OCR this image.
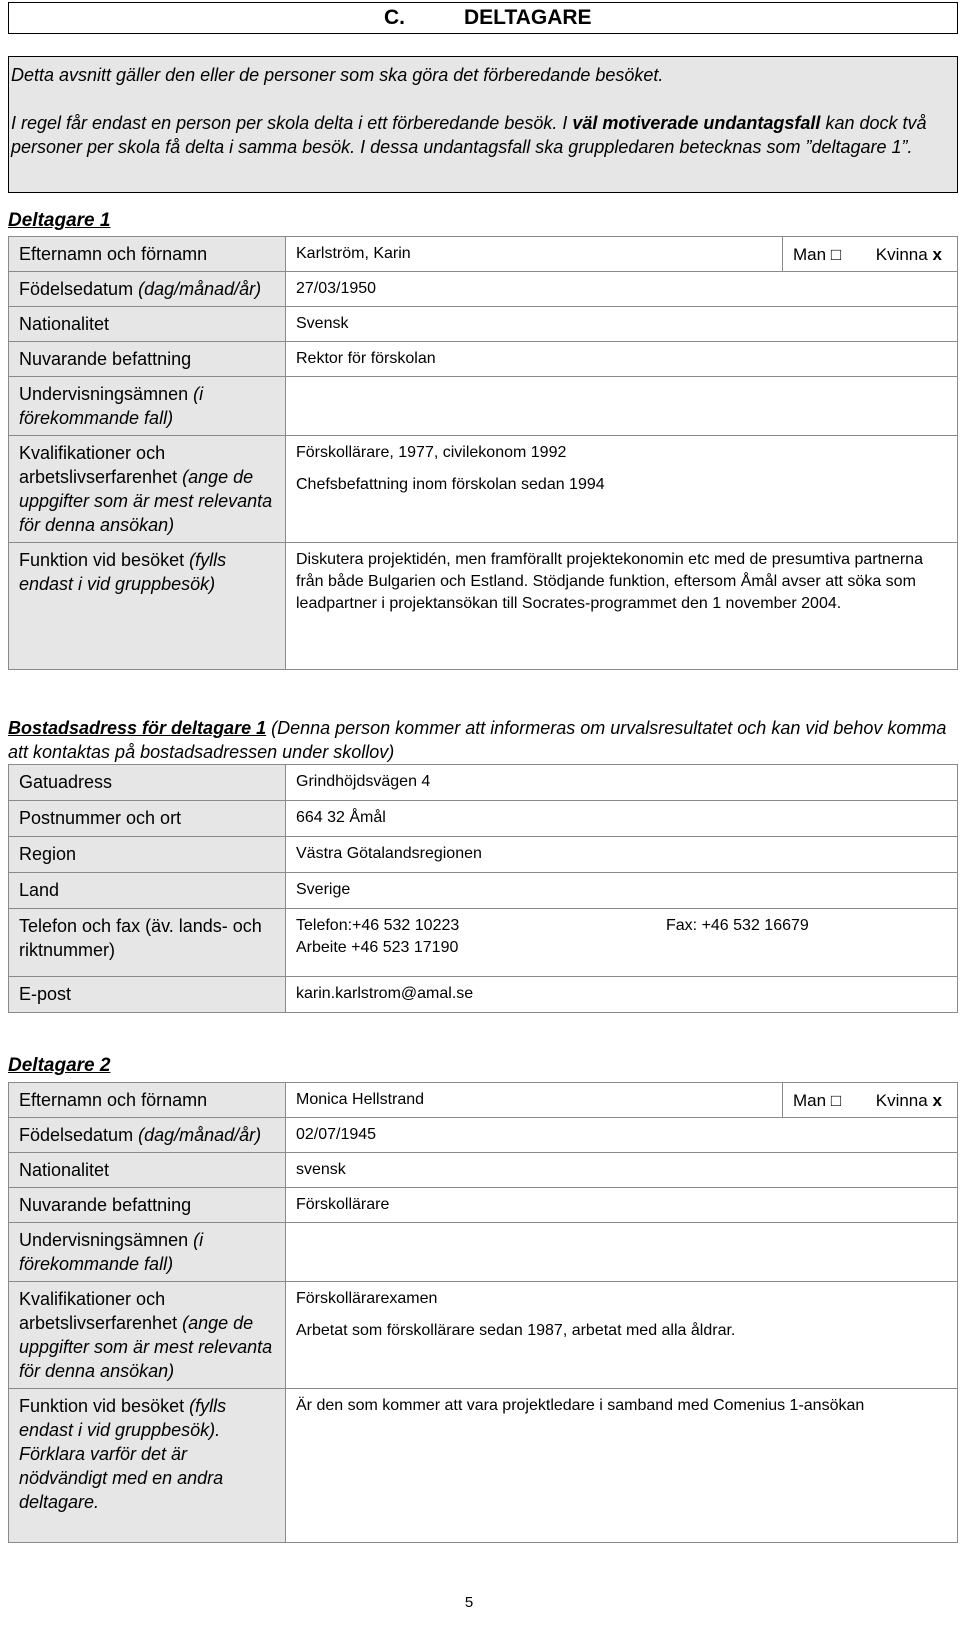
C.	DELTAGARE

Detta avsnitt gäller den eller de personer som ska göra det förberedande besöket.

I regel får endast en person per skola delta i ett förberedande besök. I väl motiverade undantagsfall kan dock två personer per skola få delta i samma besök. I dessa undantagsfall ska gruppledaren betecknas som ”deltagare 1”.

Deltagare 1
Efternamn och förnamn	Karlström, Karin	Man □ Kvinna x
Födelsedatum (dag/månad/år)	27/03/1950	
Nationalitet	Svensk	
Nuvarande befattning	Rektor för förskolan	
Undervisningsämnen (i förekommande fall)		
Kvalifikationer och arbetslivserfarenhet (ange de uppgifter som är mest relevanta för denna ansökan)	Förskollärare, 1977, civilekonom 1992
Chefsbefattning inom förskolan sedan 1994	

Funktion vid besöket (fylls endast i vid gruppbesök)	Diskutera projektidén, men framförallt projektekonomin etc med de presumtiva partnerna från både Bulgarien och Estland. Stödjande funktion, eftersom Åmål avser att söka som leadpartner i projektansökan till Socrates-programmet den 1 november 2004.	
Bostadsadress för deltagare 1 (Denna person kommer att informeras om urvalsresultatet och kan vid behov komma att kontaktas på bostadsadressen under skollov)
Gatuadress	Grindhöjdsvägen 4
Postnummer och ort	664 32 Åmål
Region	Västra Götalandsregionen
Land	Sverige
Telefon och fax (äv. lands- och riktnummer)	Telefon:+46 532 10223 Fax: +46 532 16679
Arbeite +46 523 17190

E-post	karin.karlstrom@amal.se
Deltagare 2
Efternamn och förnamn	Monica Hellstrand	Man □ Kvinna x
Födelsedatum (dag/månad/år)	02/07/1945	
Nationalitet	svensk	
Nuvarande befattning	Förskollärare	
Undervisningsämnen (i förekommande fall)		
Kvalifikationer och arbetslivserfarenhet (ange de uppgifter som är mest relevanta för denna ansökan)	Förskollärarexamen
Arbetat som förskollärare sedan 1987, arbetat med alla åldrar.	

Funktion vid besöket (fylls endast i vid gruppbesök). Förklara varför det är nödvändigt med en andra deltagare.	Är den som kommer att vara projektledare i samband med Comenius 1-ansökan	
5
